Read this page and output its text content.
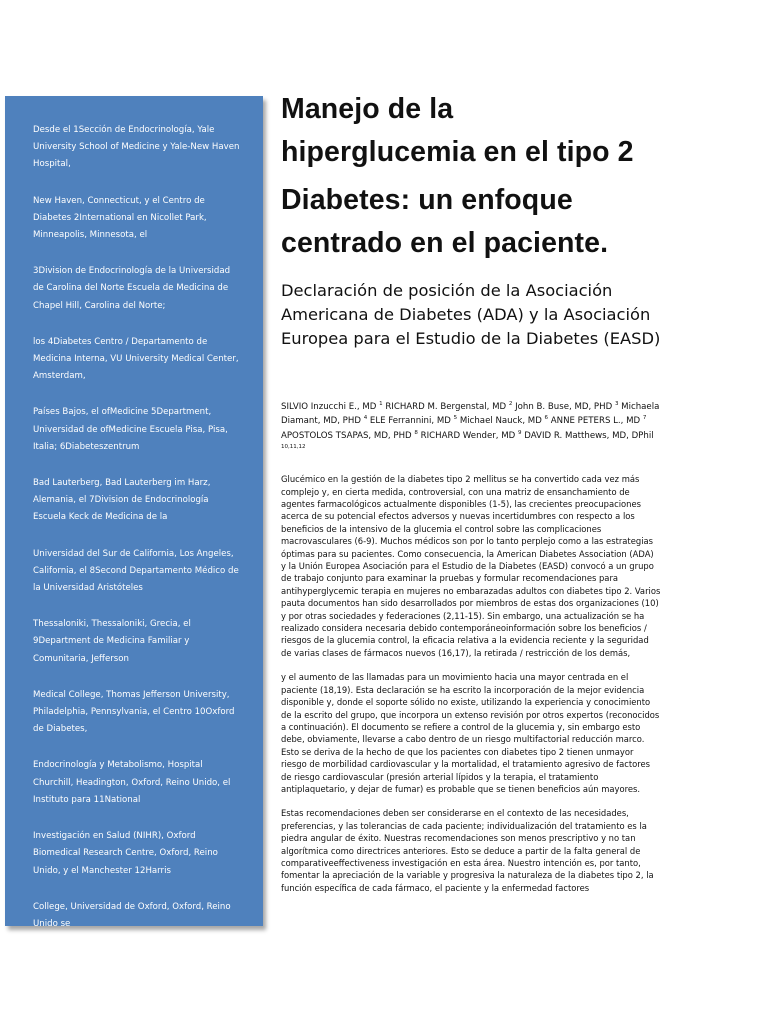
Desde el 1Sección de Endocrinología, Yale University School of Medicine y Yale-New Haven Hospital,

New Haven, Connecticut, y el Centro de Diabetes 2International en Nicollet Park, Minneapolis, Minnesota, el

3Division de Endocrinología de la Universidad de Carolina del Norte Escuela de Medicina de Chapel Hill, Carolina del Norte;

los 4Diabetes Centro / Departamento de Medicina Interna, VU University Medical Center, Amsterdam,

Países Bajos, el ofMedicine 5Department, Universidad de ofMedicine Escuela Pisa, Pisa, Italia; 6Diabeteszentrum

Bad Lauterberg, Bad Lauterberg im Harz, Alemania, el 7Division de Endocrinología Escuela Keck de Medicina de la

Universidad del Sur de California, Los Angeles, California, el 8Second Departamento Médico de la Universidad Aristóteles

Thessaloniki, Thessaloniki, Grecia, el 9Department de Medicina Familiar y Comunitaria, Jefferson

Medical College, Thomas Jefferson University, Philadelphia, Pennsylvania, el Centro 10Oxford de Diabetes,

Endocrinología y Metabolismo, Hospital Churchill, Headington, Oxford, Reino Unido, el Instituto para 11National

Investigación en Salud (NIHR), Oxford Biomedical Research Centre, Oxford, Reino Unido, y el Manchester 12Harris

College, Universidad de Oxford, Oxford, Reino Unido se

Dirección del autor: Silvio E. Inzucchi,

Manejo de la
hiperglucemia en el tipo 2
Diabetes: un enfoque
centrado en el paciente.

Declaración de posición de la Asociación Americana de Diabetes (ADA) y la Asociación Europea para el Estudio de la Diabetes (EASD)

SILVIO Inzucchi E., MD $^1$ RICHARD M. Bergenstal, MD $^2$ John B. Buse, MD, PHD $^3$ Michaela Diamant, MD, PHD $^4$ ELE Ferrannini, MD $^5$ Michael Nauck, MD $^6$ ANNE PETERS L., MD $^7$ APOSTOLOS TSAPAS, MD, PHD $^8$ RICHARD Wender, MD $^9$ DAVID R. Matthews, MD, DPhil $^{10,11,12}$

Glucémico en la gestión de la diabetes tipo 2 mellitus se ha convertido cada vez más complejo y, en cierta medida, controversial, con una matriz de ensanchamiento de agentes farmacológicos actualmente disponibles (1-5), las crecientes preocupaciones acerca de su potencial efectos adversos y nuevas incertidumbres con respecto a los beneficios de la intensivo de la glucemia el control sobre las complicaciones macrovasculares (6-9). Muchos médicos son por lo tanto perplejo como a las estrategias óptimas para su pacientes. Como consecuencia, la American Diabetes Association (ADA) y la Unión Europea Asociación para el Estudio de la Diabetes (EASD) convocó a un grupo de trabajo conjunto para examinar la pruebas y formular recomendaciones para antihyperglycemic terapia en mujeres no embarazadas adultos con diabetes tipo 2. Varios pauta documentos han sido desarrollados por miembros de estas dos organizaciones (10) y por otras sociedades y federaciones (2,11-15). Sin embargo, una actualización se ha realizado considera necesaria debido contemporáneoinformación sobre los beneficios / riesgos de la glucemia control, la eficacia relativa a la evidencia reciente y la seguridad de varias clases de fármacos nuevos (16,17), la retirada / restricción de los demás,

y el aumento de las llamadas para un movimiento hacia una mayor centrada en el paciente (18,19). Esta declaración se ha escrito la incorporación de la mejor evidencia disponible y, donde el soporte sólido no existe, utilizando la experiencia y conocimiento de la escrito del grupo, que incorpora un extenso revisión por otros expertos (reconocidos a continuación). El documento se refiere a control de la glucemia y, sin embargo esto debe, obviamente, llevarse a cabo dentro de un riesgo multifactorial reducción marco. Esto se deriva de la hecho de que los pacientes con diabetes tipo 2 tienen unmayor riesgo de morbilidad cardiovascular y la mortalidad, el tratamiento agresivo de factores de riesgo cardiovascular (presión arterial lípidos y la terapia, el tratamiento antiplaquetario, y dejar de fumar) es probable que se tienen beneficios aún mayores.

Estas recomendaciones deben ser considerarse en el contexto de las necesidades, preferencias, y las tolerancias de cada paciente; individualización del tratamiento es la piedra angular de éxito. Nuestras recomendaciones son menos prescriptivo y no tan algorítmica como directrices anteriores. Esto se deduce a partir de la falta general de comparativeeffectiveness investigación en esta área. Nuestro intención es, por tanto, fomentar la apreciación de la variable y progresiva la naturaleza de la diabetes tipo 2, la función específica de cada fármaco, el paciente y la enfermedad factores
